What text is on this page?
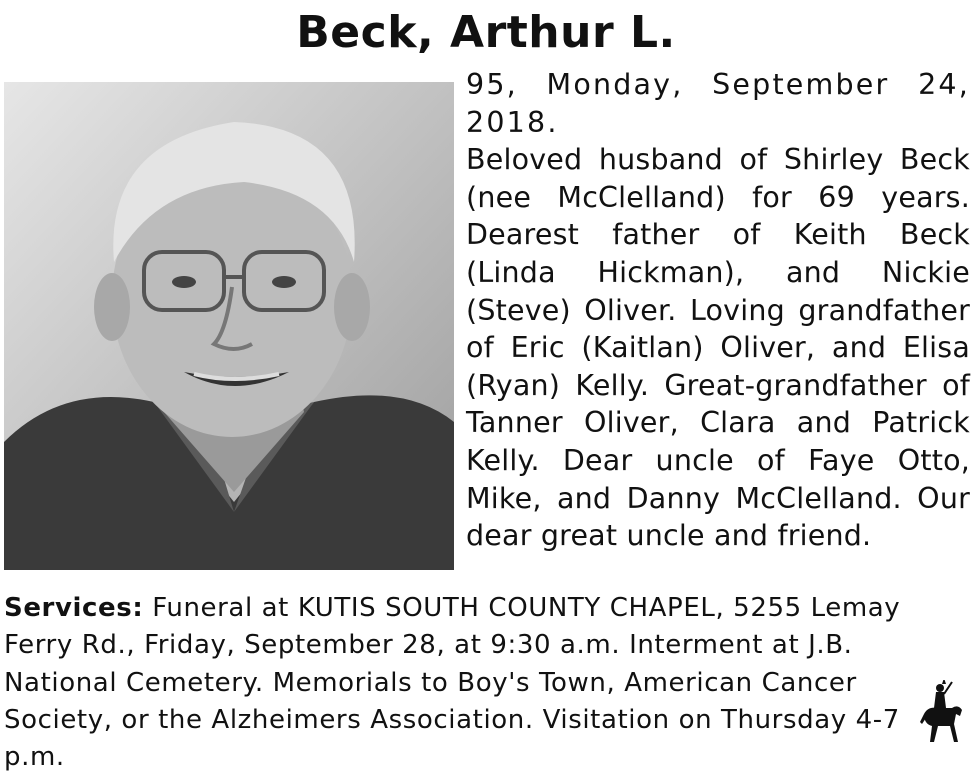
Beck, Arthur L.

95, Monday, September 24, 2018.

Beloved husband of Shirley Beck (nee McClelland) for 69 years. Dearest father of Keith Beck (Linda Hickman), and Nickie (Steve) Oliver. Loving grandfather of Eric (Kaitlan) Oliver, and Elisa (Ryan) Kelly. Great-grandfather of Tanner Oliver, Clara and Patrick Kelly. Dear uncle of Faye Otto, Mike, and Danny McClelland. Our dear great uncle and friend.

Services: Funeral at KUTIS SOUTH COUNTY CHAPEL, 5255 Lemay Ferry Rd., Friday, September 28, at 9:30 a.m. Interment at J.B. National Cemetery. Memorials to Boy's Town, American Cancer Society, or the Alzheimers Association. Visitation on Thursday 4-7 p.m.
